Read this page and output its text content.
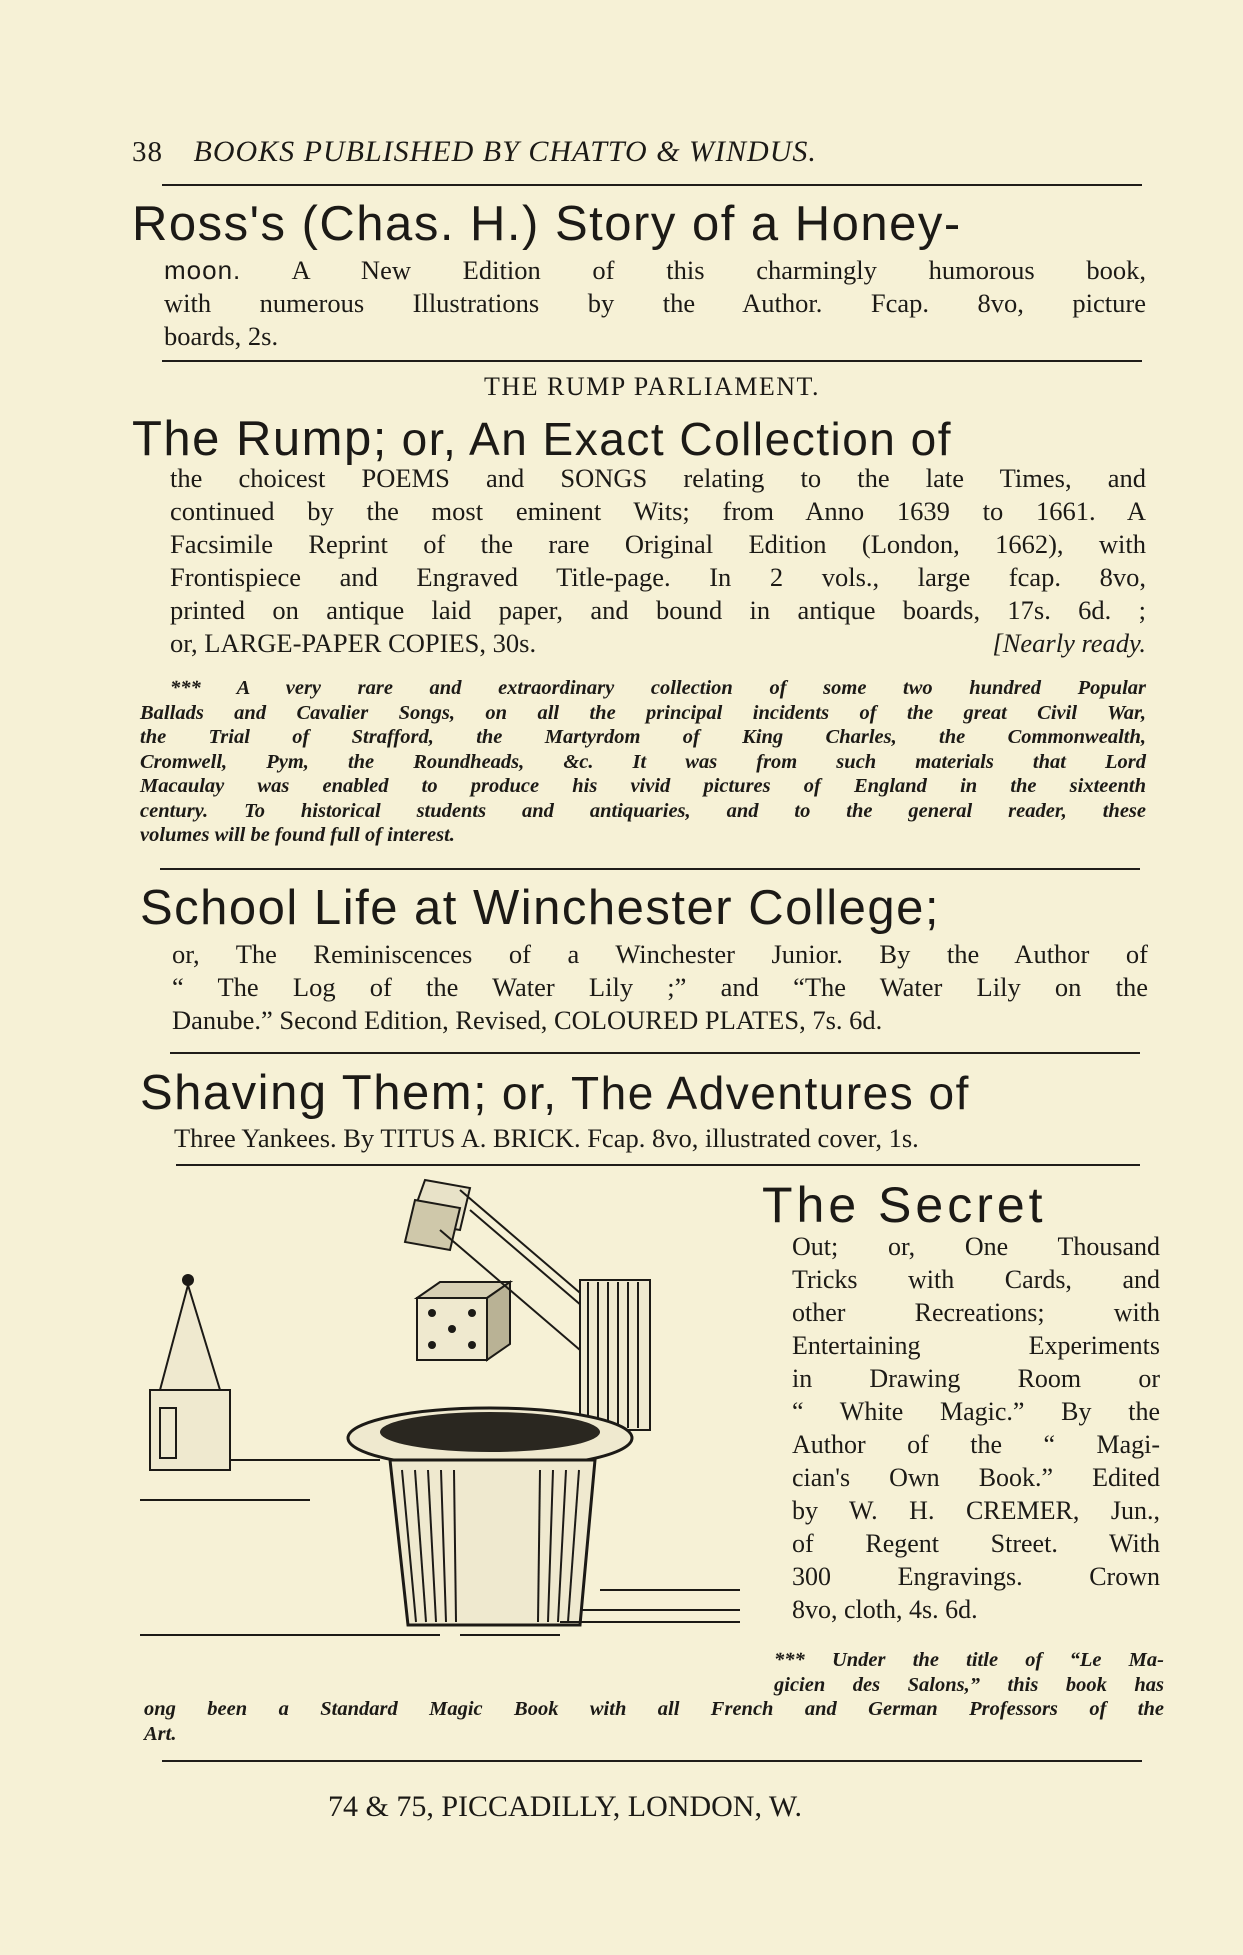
38 BOOKS PUBLISHED BY CHATTO & WINDUS.
Ross's (Chas. H.) Story of a Honey-
moon. A New Edition of this charmingly humorous book,
with numerous Illustrations by the Author. Fcap. 8vo, picture
boards, 2s.
THE RUMP PARLIAMENT.
The Rump; or, An Exact Collection of
the choicest POEMS and SONGS relating to the late Times, and
continued by the most eminent Wits; from Anno 1639 to 1661. A
Facsimile Reprint of the rare Original Edition (London, 1662), with
Frontispiece and Engraved Title-page. In 2 vols., large fcap. 8vo,
printed on antique laid paper, and bound in antique boards, 17s. 6d. ;
or, LARGE-PAPER COPIES, 30s.	[Nearly ready.
*** A very rare and extraordinary collection of some two hundred Popular
Ballads and Cavalier Songs, on all the principal incidents of the great Civil War,
the Trial of Strafford, the Martyrdom of King Charles, the Commonwealth,
Cromwell, Pym, the Roundheads, &c. It was from such materials that Lord
Macaulay was enabled to produce his vivid pictures of England in the sixteenth
century. To historical students and antiquaries, and to the general reader, these
volumes will be found full of interest.
School Life at Winchester College;
or, The Reminiscences of a Winchester Junior. By the Author of
“ The Log of the Water Lily ;” and “The Water Lily on the
Danube.” Second Edition, Revised, COLOURED PLATES, 7s. 6d.
Shaving Them; or, The Adventures of
Three Yankees. By TITUS A. BRICK. Fcap. 8vo, illustrated cover, 1s.
The Secret
Out; or, One Thousand
Tricks with Cards, and
other Recreations; with
Entertaining Experiments
in Drawing Room or
“ White Magic.” By the
Author of the “ Magi-
cian's Own Book.” Edited
by W. H. CREMER, Jun.,
of Regent Street. With
300 Engravings. Crown
8vo, cloth, 4s. 6d.
*** Under the title of “Le Ma-
gicien des Salons,” this book has
ong been a Standard Magic Book with all French and German Professors of the
Art.
74 & 75, PICCADILLY, LONDON, W.
